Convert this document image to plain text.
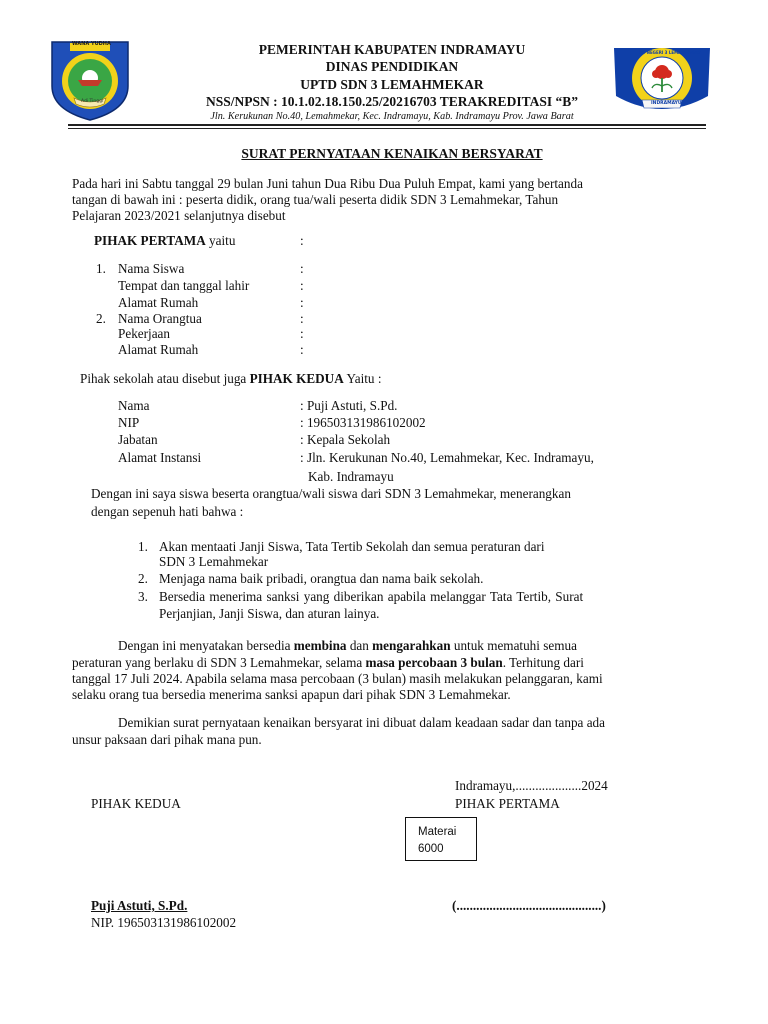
WANA YUDHA
Adi Tinggi
SD NEGERI 3 LEMAHMEKAR
INDRAMAYU
PEMERINTAH KABUPATEN INDRAMAYU
DINAS PENDIDIKAN
UPTD SDN 3 LEMAHMEKAR
NSS/NPSN : 10.1.02.18.150.25/20216703 TERAKREDITASI “B”
Jln. Kerukunan No.40, Lemahmekar, Kec. Indramayu, Kab. Indramayu Prov. Jawa Barat
SURAT PERNYATAAN KENAIKAN BERSYARAT
Pada hari ini Sabtu tanggal 29 bulan Juni tahun Dua Ribu Dua Puluh Empat, kami yang bertanda
tangan di bawah ini : peserta didik, orang tua/wali peserta didik SDN 3 Lemahmekar, Tahun
Pelajaran 2023/2021 selanjutnya disebut
PIHAK PERTAMA yaitu	:
1. Nama Siswa	:
Tempat dan tanggal lahir	:
Alamat Rumah	:
2. Nama Orangtua	:
Pekerjaan	:
Alamat Rumah	:
Pihak sekolah atau disebut juga PIHAK KEDUA Yaitu :
Nama	: Puji Astuti, S.Pd.
NIP	: 196503131986102002
Jabatan	: Kepala Sekolah
Alamat Instansi	: Jln. Kerukunan No.40, Lemahmekar, Kec. Indramayu,
Kab. Indramayu
Dengan ini saya siswa beserta orangtua/wali siswa dari SDN 3 Lemahmekar, menerangkan
dengan sepenuh hati bahwa :
1. Akan mentaati Janji Siswa, Tata Tertib Sekolah dan semua peraturan dari
SDN 3 Lemahmekar
2. Menjaga nama baik pribadi, orangtua dan nama baik sekolah.
3. Bersedia menerima sanksi yang diberikan apabila melanggar Tata Tertib, Surat
Perjanjian, Janji Siswa, dan aturan lainya.
Dengan ini menyatakan bersedia membina dan mengarahkan untuk mematuhi semua
peraturan yang berlaku di SDN 3 Lemahmekar, selama masa percobaan 3 bulan. Terhitung dari
tanggal 17 Juli 2024. Apabila selama masa percobaan (3 bulan) masih melakukan pelanggaran, kami
selaku orang tua bersedia menerima sanksi apapun dari pihak SDN 3 Lemahmekar.
Demikian surat pernyataan kenaikan bersyarat ini dibuat dalam keadaan sadar dan tanpa ada
unsur paksaan dari pihak mana pun.
Indramayu,....................2024
PIHAK KEDUA	PIHAK PERTAMA
Materai
6000
Puji Astuti, S.Pd.
NIP. 196503131986102002
(............................................)
